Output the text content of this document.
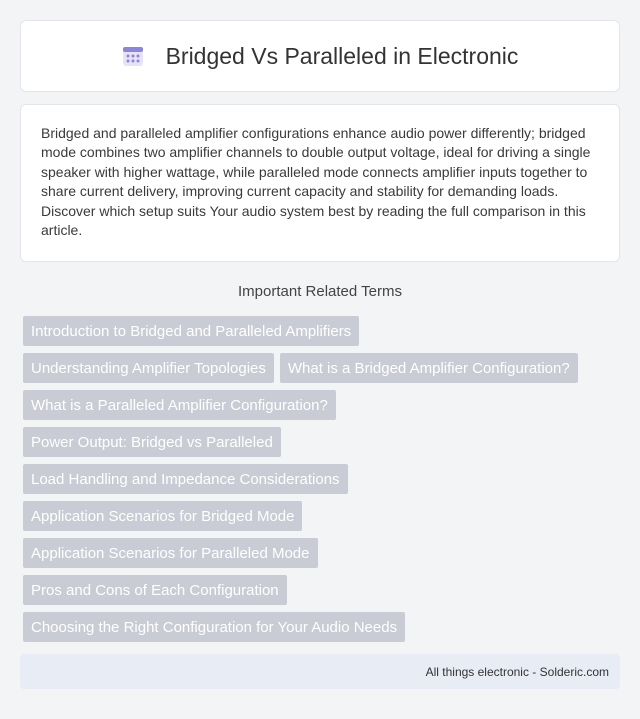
Bridged Vs Paralleled in Electronic

Bridged and paralleled amplifier configurations enhance audio power differently; bridged mode combines two amplifier channels to double output voltage, ideal for driving a single speaker with higher wattage, while paralleled mode connects amplifier inputs together to share current delivery, improving current capacity and stability for demanding loads. Discover which setup suits Your audio system best by reading the full comparison in this article.

Important Related Terms
Introduction to Bridged and Paralleled Amplifiers
Understanding Amplifier Topologies	What is a Bridged Amplifier Configuration?
What is a Paralleled Amplifier Configuration?
Power Output: Bridged vs Paralleled
Load Handling and Impedance Considerations
Application Scenarios for Bridged Mode
Application Scenarios for Paralleled Mode
Pros and Cons of Each Configuration
Choosing the Right Configuration for Your Audio Needs
All things electronic - Solderic.com
